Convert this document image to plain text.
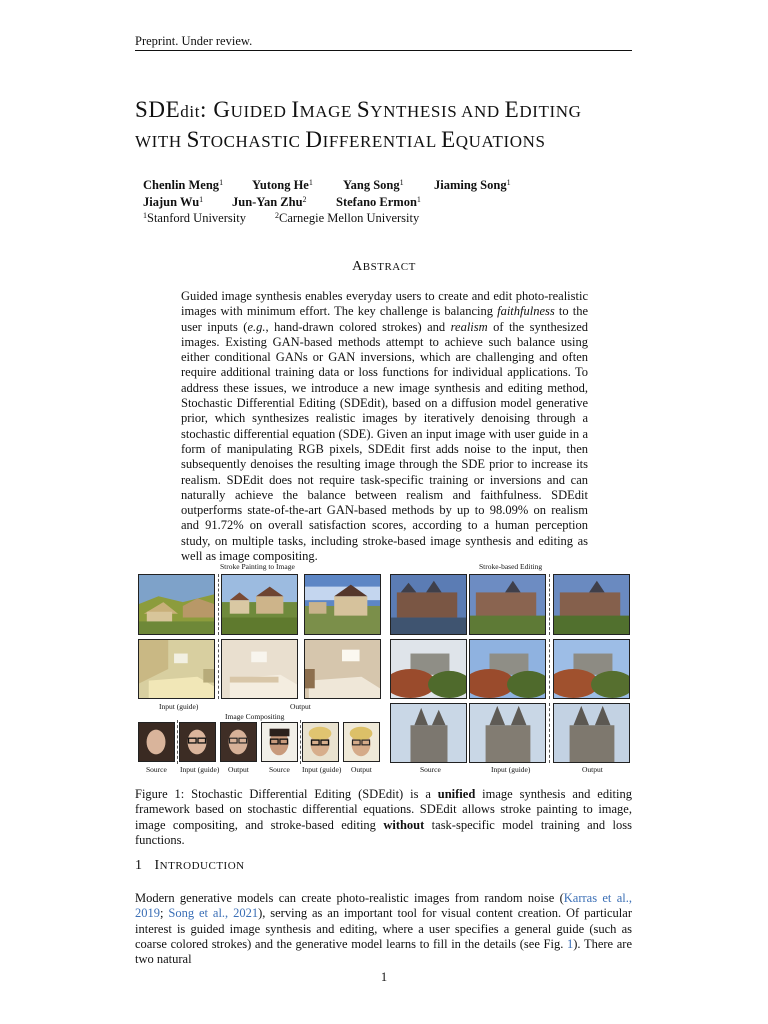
Preprint. Under review.
SDEdit: GUIDED IMAGE SYNTHESIS AND EDITING
WITH STOCHASTIC DIFFERENTIAL EQUATIONS
Chenlin Meng$^1$	Yutong He$^1$	Yang Song$^1$	Jiaming Song$^1$
Jiajun Wu$^1$	Jun-Yan Zhu$^2$	Stefano Ermon$^1$
$^1$Stanford University	$^2$Carnegie Mellon University
ABSTRACT
Guided image synthesis enables everyday users to create and edit photo-realistic images with minimum effort. The key challenge is balancing faithfulness to the user inputs (e.g., hand-drawn colored strokes) and realism of the synthesized images. Existing GAN-based methods attempt to achieve such balance using either conditional GANs or GAN inversions, which are challenging and often require additional training data or loss functions for individual applications. To address these issues, we introduce a new image synthesis and editing method, Stochastic Differential Editing (SDEdit), based on a diffusion model generative prior, which synthesizes realistic images by iteratively denoising through a stochastic differential equation (SDE). Given an input image with user guide in a form of manipulating RGB pixels, SDEdit first adds noise to the input, then subsequently denoises the resulting image through the SDE prior to increase its realism. SDEdit does not require task-specific training or inversions and can naturally achieve the balance between realism and faithfulness. SDEdit outperforms state-of-the-art GAN-based methods by up to 98.09% on realism and 91.72% on overall satisfaction scores, according to a human perception study, on multiple tasks, including stroke-based image synthesis and editing as well as image compositing.
Stroke Painting to Image	Stroke-based Editing
Input (guide)	Output
Image Compositing
Source Input (guide) Output	Source Input (guide) Output	Source	Input (guide)	Output
Figure 1: Stochastic Differential Editing (SDEdit) is a unified image synthesis and editing framework based on stochastic differential equations. SDEdit allows stroke painting to image, image compositing, and stroke-based editing without task-specific model training and loss functions.
1 INTRODUCTION
Modern generative models can create photo-realistic images from random noise (Karras et al., 2019; Song et al., 2021), serving as an important tool for visual content creation. Of particular interest is guided image synthesis and editing, where a user specifies a general guide (such as coarse colored strokes) and the generative model learns to fill in the details (see Fig. 1). There are two natural
1
